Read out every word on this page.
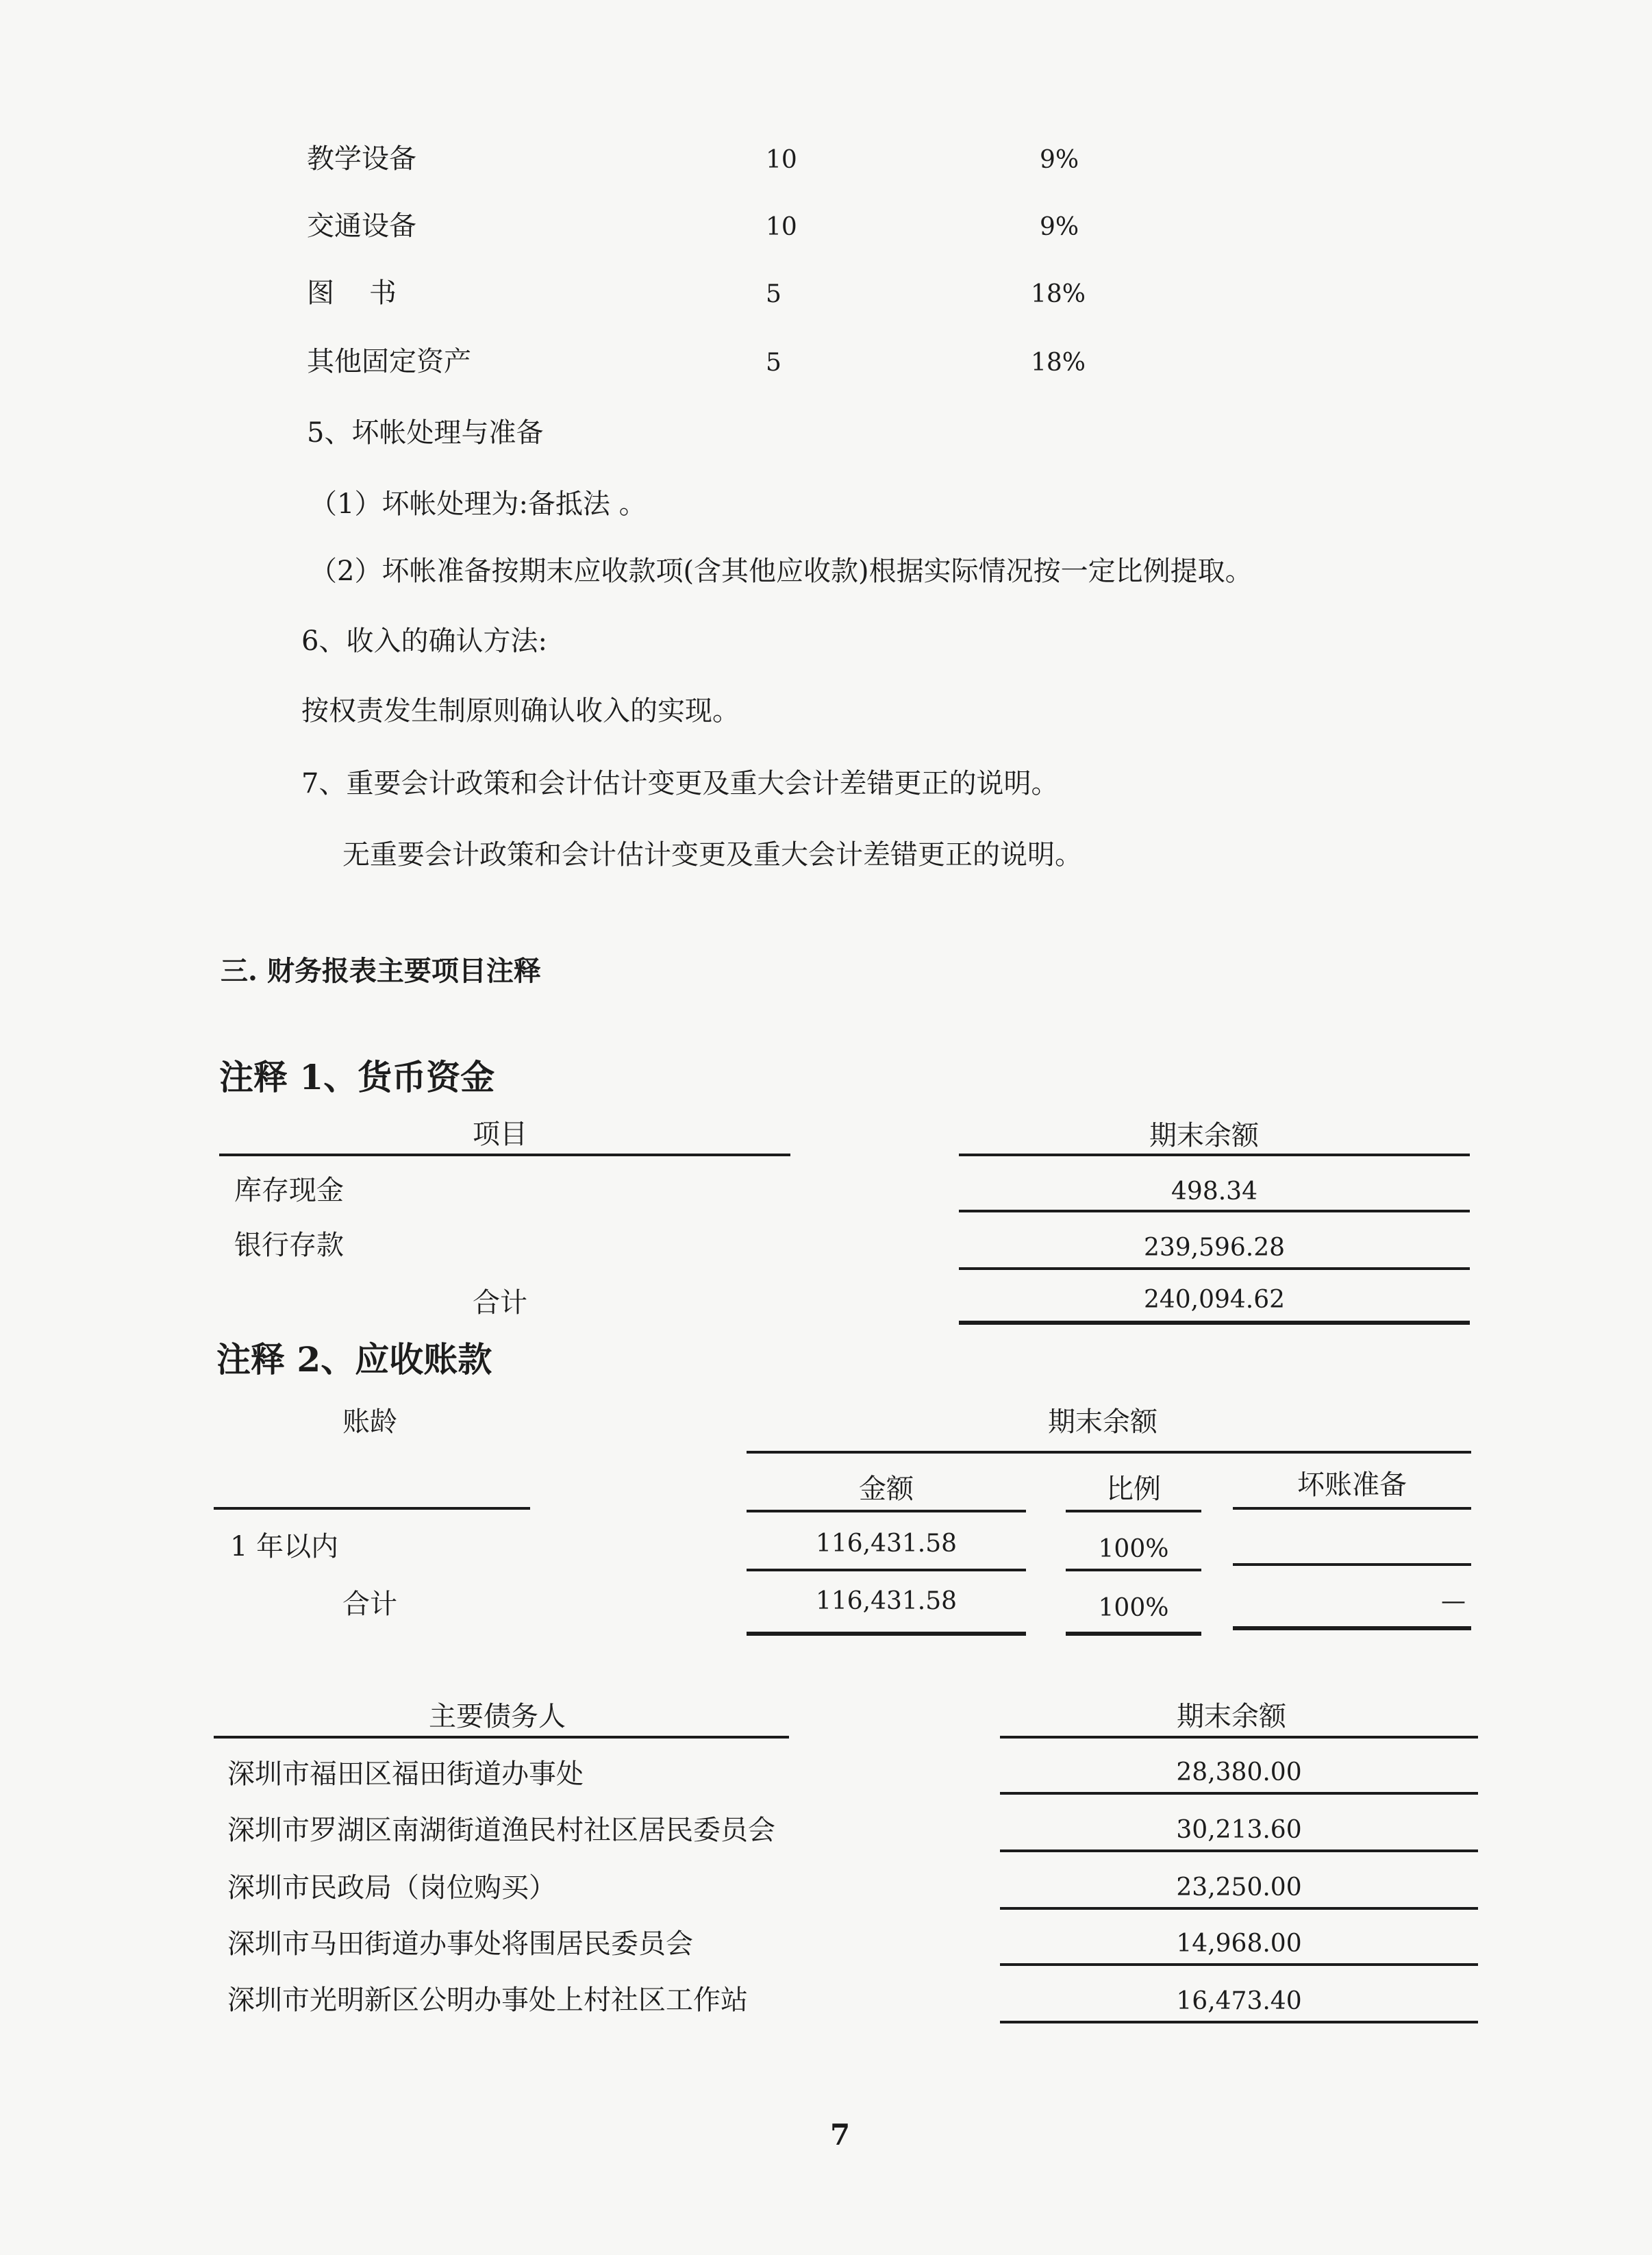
教学设备	10	9%
交通设备	10	9%
图    书	5	18%
其他固定资产	5	18%
5、坏帐处理与准备
（1）坏帐处理为:备抵法 。
（2）坏帐准备按期末应收款项(含其他应收款)根据实际情况按一定比例提取。
6、收入的确认方法:
按权责发生制原则确认收入的实现。
7、重要会计政策和会计估计变更及重大会计差错更正的说明。
无重要会计政策和会计估计变更及重大会计差错更正的说明。
三. 财务报表主要项目注释
注释 1、货币资金
项目	期末余额
库存现金	498.34
银行存款	239,596.28
合计	240,094.62
注释 2、应收账款
账龄	期末余额
金额	比例	坏账准备
1 年以内	116,431.58	100%
合计	116,431.58	100%	—
主要债务人	期末余额
深圳市福田区福田街道办事处	28,380.00
深圳市罗湖区南湖街道渔民村社区居民委员会	30,213.60
深圳市民政局（岗位购买）	23,250.00
深圳市马田街道办事处将围居民委员会	14,968.00
深圳市光明新区公明办事处上村社区工作站	16,473.40
7
